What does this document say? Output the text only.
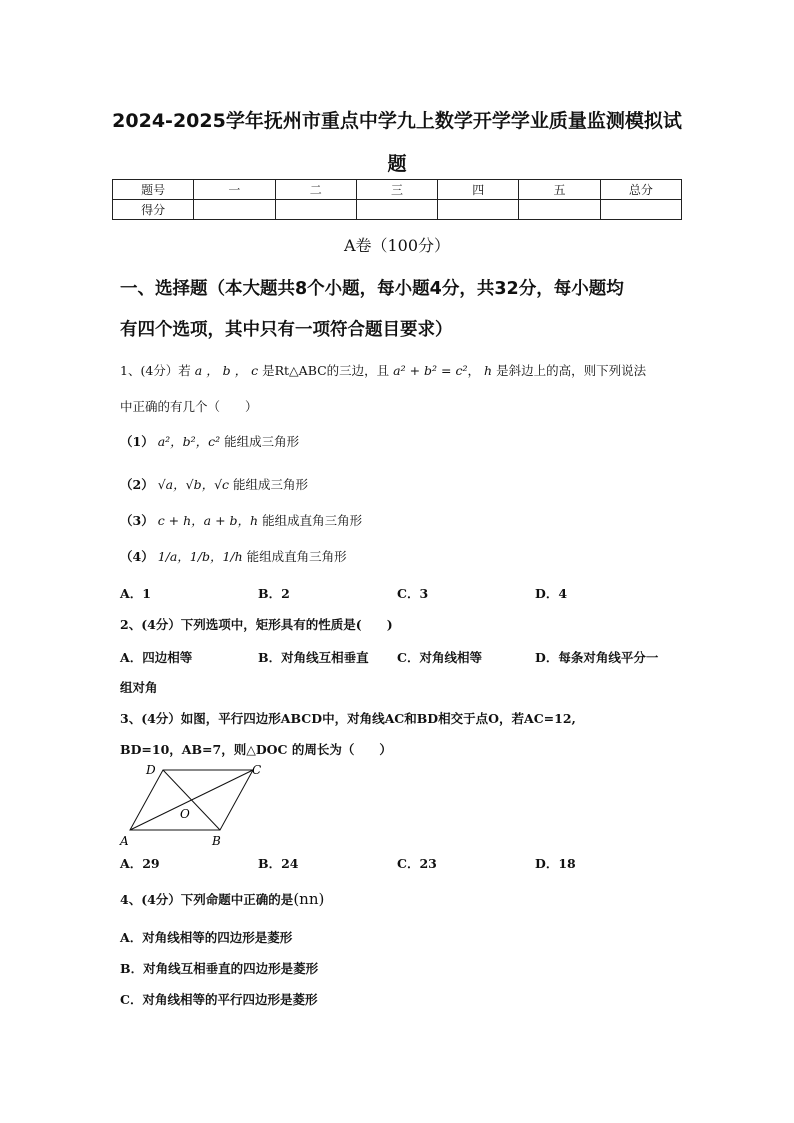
2024-2025学年抚州市重点中学九上数学开学学业质量监测模拟试
题
题号	一	二	三	四	五	总分
得分						
A卷（100分）
一、选择题（本大题共8个小题，每小题4分，共32分，每小题均
有四个选项，其中只有一项符合题目要求）
1、(4分）若 a ， b ， c 是Rt△ABC的三边，且 a² + b² = c²， h 是斜边上的高，则下列说法
中正确的有几个（　　）
（1） a²，b²，c² 能组成三角形
（2） √a，√b，√c 能组成三角形
（3） c + h，a + b，h 能组成直角三角形
（4） 1/a，1/b，1/h 能组成直角三角形
A．1	B．2	C．3	D．4
2、(4分）下列选项中，矩形具有的性质是(　　)
A．四边相等	B．对角线互相垂直 C．对角线相等	D．每条对角线平分一
组对角
3、(4分）如图，平行四边形ABCD中，对角线AC和BD相交于点O，若AC=12,
BD=10，AB=7，则△DOC 的周长为（　　）
D	C
A	B
O
A．29	B．24	C．23	D．18
4、(4分）下列命题中正确的是(nn)
A．对角线相等的四边形是菱形
B．对角线互相垂直的四边形是菱形
C．对角线相等的平行四边形是菱形
